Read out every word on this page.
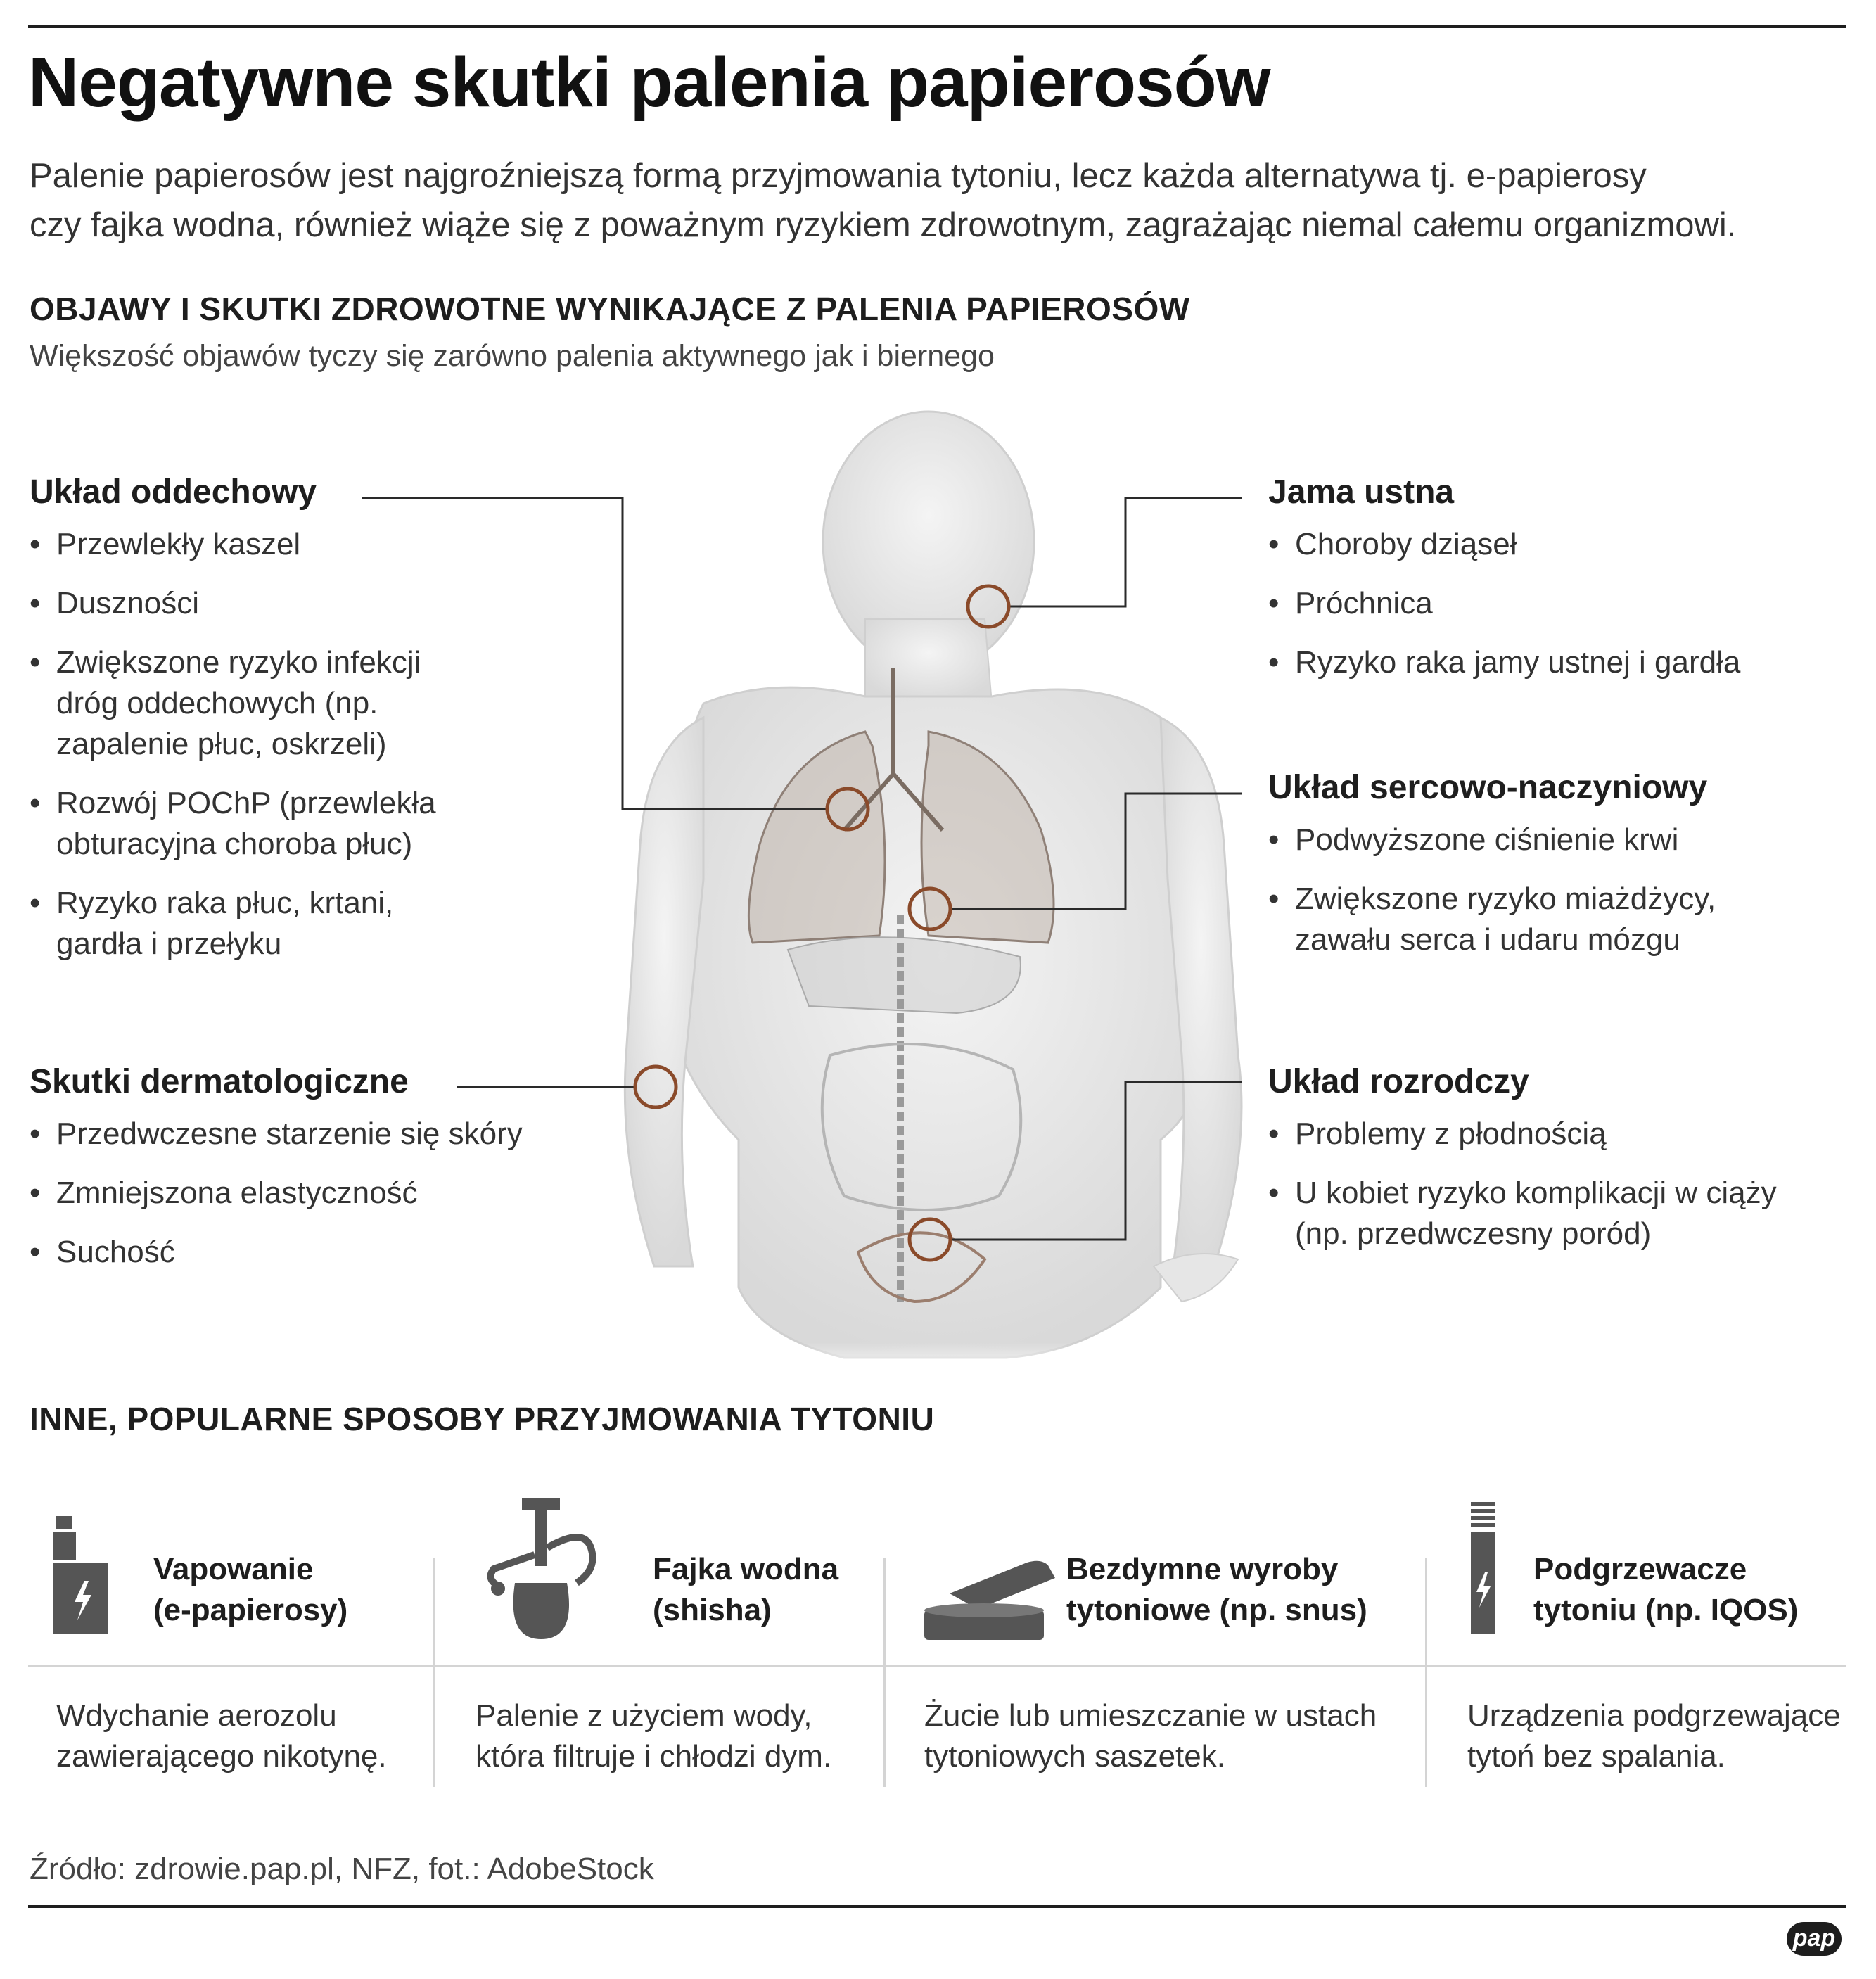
Negatywne skutki palenia papierosów

Palenie papierosów jest najgroźniejszą formą przyjmowania tytoniu, lecz każda alternatywa tj. e-papierosy
czy fajka wodna, również wiąże się z poważnym ryzykiem zdrowotnym, zagrażając niemal całemu organizmowi.

OBJAWY I SKUTKI ZDROWOTNE WYNIKAJĄCE Z PALENIA PAPIEROSÓW
Większość objawów tyczy się zarówno palenia aktywnego jak i biernego
Układ oddechowy
• Przewlekły kaszel
• Duszności
• Zwiększone ryzyko infekcji dróg oddechowych (np. zapalenie płuc, oskrzeli)
• Rozwój POChP (przewlekła obturacyjna choroba płuc)
• Ryzyko raka płuc, krtani, gardła i przełyku
Skutki dermatologiczne
• Przedwczesne starzenie się skóry
• Zmniejszona elastyczność
• Suchość
Jama ustna
• Choroby dziąseł
• Próchnica
• Ryzyko raka jamy ustnej i gardła
Układ sercowo-naczyniowy
• Podwyższone ciśnienie krwi
• Zwiększone ryzyko miażdżycy, zawału serca i udaru mózgu
Układ rozrodczy
• Problemy z płodnością
• U kobiet ryzyko komplikacji w ciąży (np. przedwczesny poród)
INNE, POPULARNE SPOSOBY PRZYJMOWANIA TYTONIU
Vapowanie
(e-papierosy)
Fajka wodna
(shisha)
Bezdymne wyroby
tytoniowe (np. snus)
Podgrzewacze
tytoniu (np. IQOS)
Wdychanie aerozolu
zawierającego nikotynę.
Palenie z użyciem wody,
która filtruje i chłodzi dym.
Żucie lub umieszczanie w ustach
tytoniowych saszetek.
Urządzenia podgrzewające
tytoń bez spalania.
Źródło: zdrowie.pap.pl, NFZ, fot.: AdobeStock
pap
